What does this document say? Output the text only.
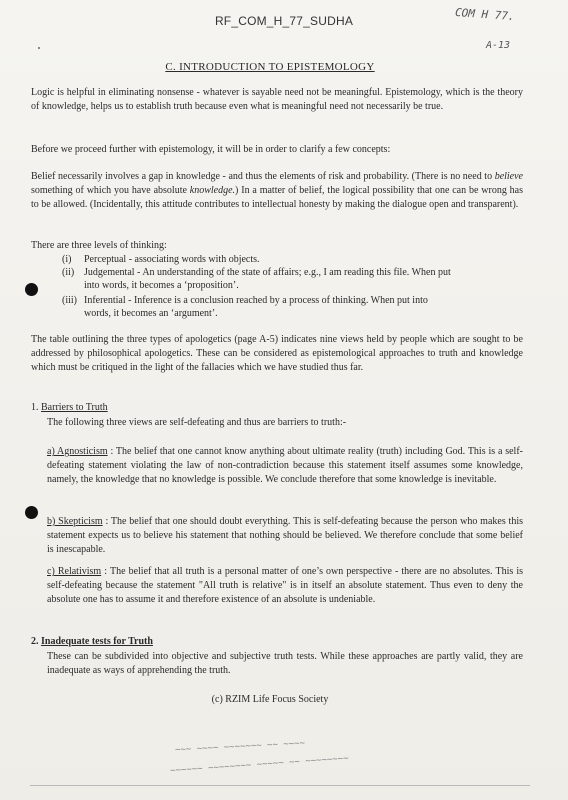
RF_COM_H_77_SUDHA	COM H 77.
A-13
C. INTRODUCTION TO EPISTEMOLOGY

Logic is helpful in eliminating nonsense - whatever is sayable need not be meaningful. Epistemology, which is the theory of knowledge, helps us to establish truth because even what is meaningful need not necessarily be true.

Before we proceed further with epistemology, it will be in order to clarify a few concepts:

Belief necessarily involves a gap in knowledge - and thus the elements of risk and probability. (There is no need to believe something of which you have absolute knowledge.) In a matter of belief, the logical possibility that one can be wrong has to be allowed. (Incidentally, this attitude contributes to intellectual honesty by making the dialogue open and transparent).

There are three levels of thinking:

(i) Perceptual - associating words with objects.
(ii) Judgemental - An understanding of the state of affairs; e.g., I am reading this file. When put
into words, it becomes a ‘proposition’.
(iii) Inferential - Inference is a conclusion reached by a process of thinking. When put into
words, it becomes an ‘argument’.

The table outlining the three types of apologetics (page A-5) indicates nine views held by people which are sought to be addressed by philosophical apologetics. These can be considered as epistemological approaches to truth and knowledge which must be critiqued in the light of the fallacies which we have studied thus far.

1. Barriers to Truth

The following three views are self-defeating and thus are barriers to truth:-

a) Agnosticism : The belief that one cannot know anything about ultimate reality (truth) including God. This is a self-defeating statement violating the law of non-contradiction because this statement itself assumes some knowledge, namely, the knowledge that no knowledge is possible. We conclude therefore that some knowledge is inevitable.

b) Skepticism : The belief that one should doubt everything. This is self-defeating because the person who makes this statement expects us to believe his statement that nothing should be believed. We therefore conclude that some belief is inescapable.

c) Relativism : The belief that all truth is a personal matter of one’s own perspective - there are no absolutes. This is self-defeating because the statement "All truth is relative" is in itself an absolute statement. Thus even to deny the absolute one has to assume it and therefore existence of an absolute is undeniable.

2. Inadequate tests for Truth

These can be subdivided into objective and subjective truth tests. While these approaches are partly valid, they are inadequate as ways of apprehending the truth.

(c) RZIM Life Focus Society
~~~ ~~~~ ~~~~~~~ ~~ ~~~~
~~~~~~ ~~~~~~~~ ~~~~~ ~~ ~~~~~~~~
